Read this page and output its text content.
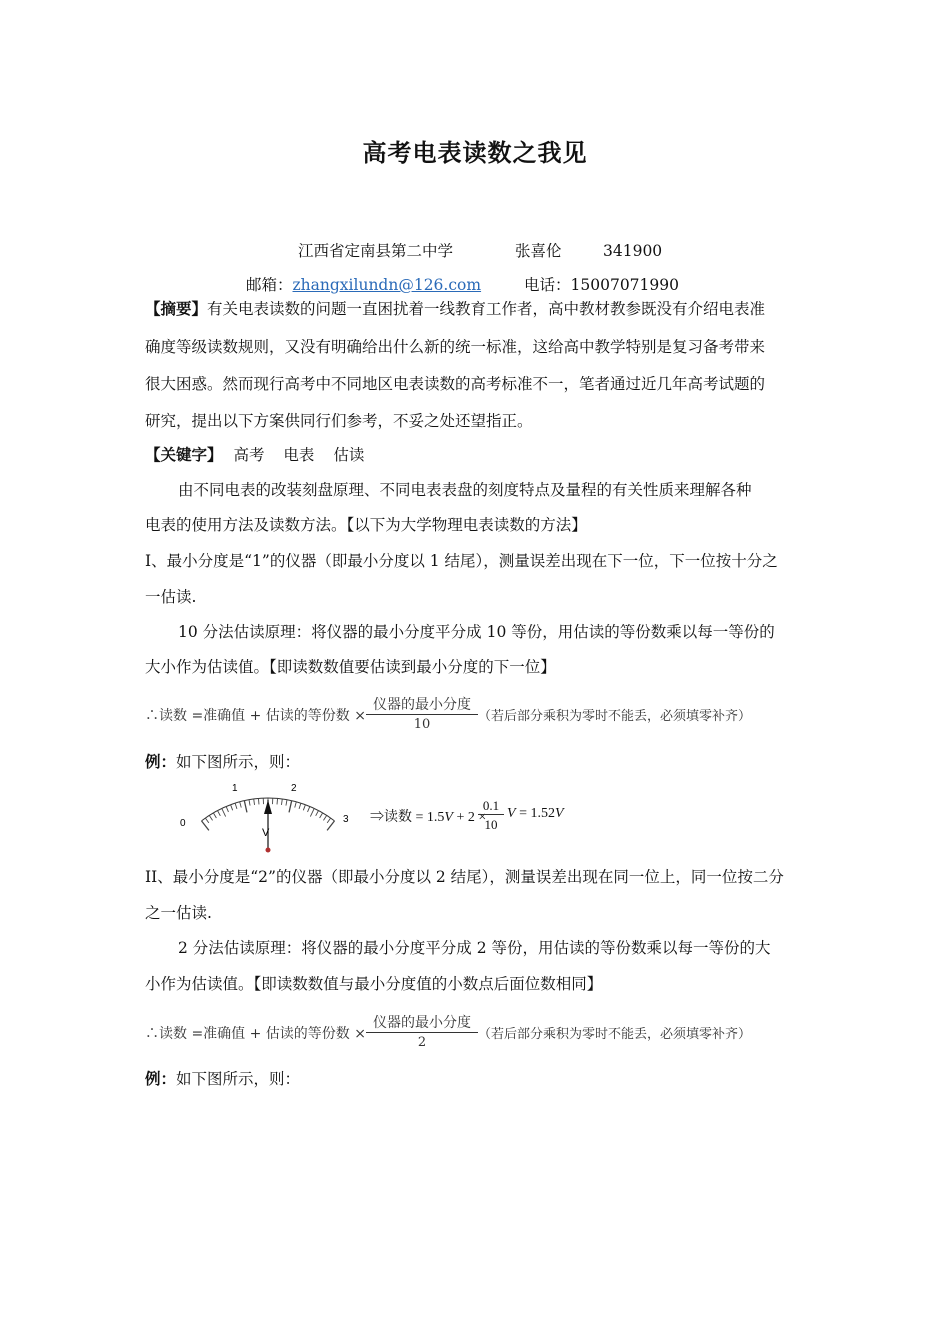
高考电表读数之我见
江西省定南县第二中学	张喜伦	341900
邮箱：zhangxilundn@126.com	电话：15007071990
【摘要】有关电表读数的问题一直困扰着一线教育工作者，高中教材教参既没有介绍电表准
确度等级读数规则，又没有明确给出什么新的统一标准，这给高中教学特别是复习备考带来
很大困惑。然而现行高考中不同地区电表读数的高考标准不一，笔者通过近几年高考试题的
研究，提出以下方案供同行们参考，不妥之处还望指正。
【关键字】 高考 电表 估读
由不同电表的改装刻盘原理、不同电表表盘的刻度特点及量程的有关性质来理解各种
电表的使用方法及读数方法。【以下为大学物理电表读数的方法】
I、最小分度是“1”的仪器（即最小分度以 1 结尾），测量误差出现在下一位，下一位按十分之
一估读.
10 分法估读原理：将仪器的最小分度平分成 10 等份，用估读的等份数乘以每一等份的
大小作为估读值。【即读数数值要估读到最小分度的下一位】
∴读数 =准确值 + 估读的等份数 ×
仪器的最小分度
10
（若后部分乘积为零时不能丢，必须填零补齐）
例：如下图所示，则：
0
1	2
3
V
⇒读数 = 1.5V + 2 ×
$\frac{0.1}{10}$ V = 1.52V
II、最小分度是“2”的仪器（即最小分度以 2 结尾），测量误差出现在同一位上，同一位按二分
之一估读.
2 分法估读原理：将仪器的最小分度平分成 2 等份，用估读的等份数乘以每一等份的大
小作为估读值。【即读数数值与最小分度值的小数点后面位数相同】
∴读数 =准确值 + 估读的等份数 ×
仪器的最小分度
2
（若后部分乘积为零时不能丢，必须填零补齐）
例：如下图所示，则：
